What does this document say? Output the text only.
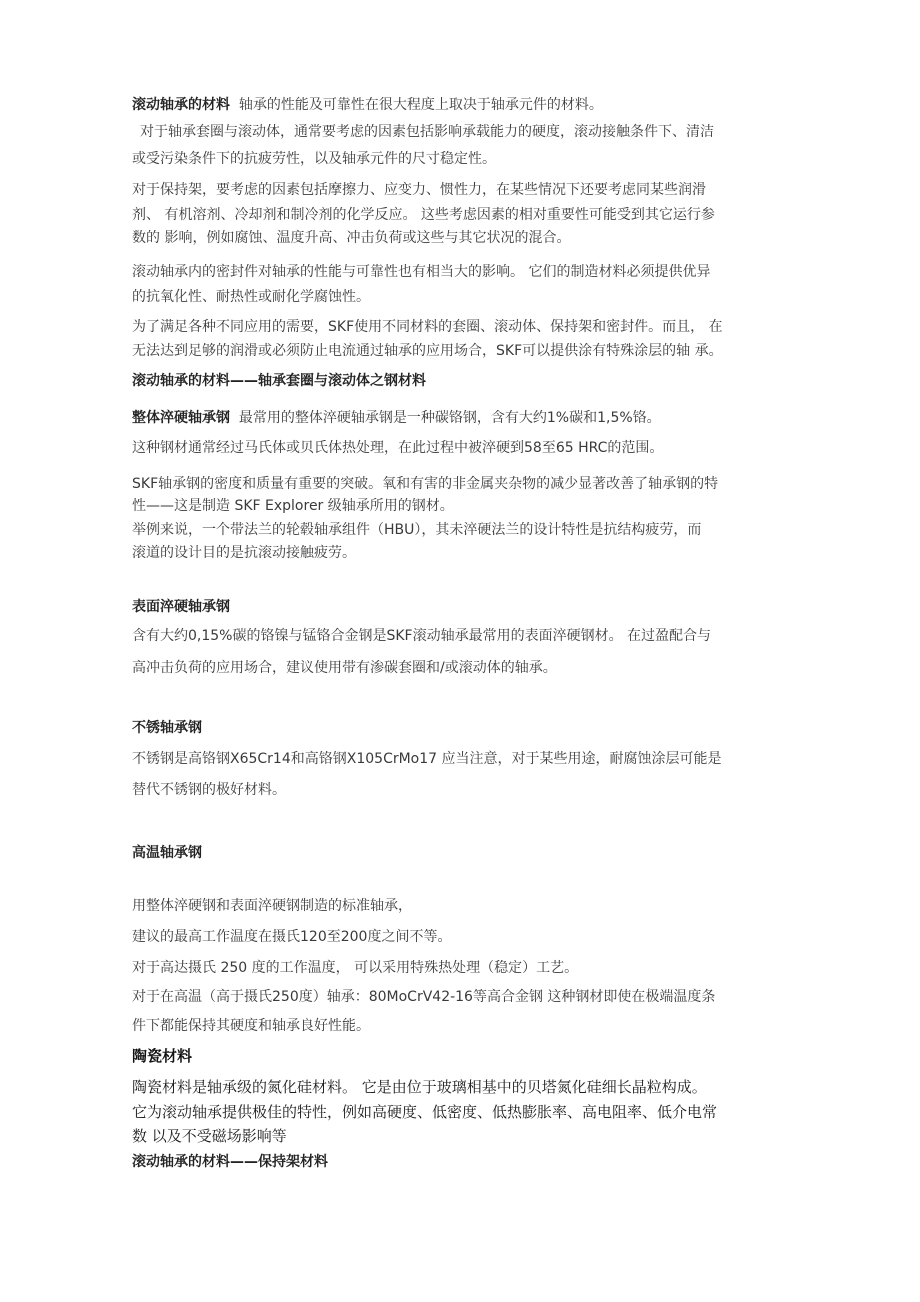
滚动轴承的材料 轴承的性能及可靠性在很大程度上取决于轴承元件的材料。
对于轴承套圈与滚动体，通常要考虑的因素包括影响承载能力的硬度，滚动接触条件下、清洁
或受污染条件下的抗疲劳性，以及轴承元件的尺寸稳定性。
对于保持架，要考虑的因素包括摩擦力、应变力、惯性力，在某些情况下还要考虑同某些润滑
剂、 有机溶剂、冷却剂和制冷剂的化学反应。 这些考虑因素的相对重要性可能受到其它运行参
数的 影响，例如腐蚀、温度升高、冲击负荷或这些与其它状况的混合。
滚动轴承内的密封件对轴承的性能与可靠性也有相当大的影响。 它们的制造材料必须提供优异
的抗氧化性、耐热性或耐化学腐蚀性。
为了满足各种不同应用的需要，SKF使用不同材料的套圈、滚动体、保持架和密封件。而且， 在
无法达到足够的润滑或必须防止电流通过轴承的应用场合，SKF可以提供涂有特殊涂层的轴 承。
滚动轴承的材料——轴承套圈与滚动体之钢材料
整体淬硬轴承钢 最常用的整体淬硬轴承钢是一种碳铬钢，含有大约1%碳和1,5%铬。
这种钢材通常经过马氏体或贝氏体热处理，在此过程中被淬硬到58至65 HRC的范围。
SKF轴承钢的密度和质量有重要的突破。氧和有害的非金属夹杂物的减少显著改善了轴承钢的特
性——这是制造 SKF Explorer 级轴承所用的钢材。
举例来说，一个带法兰的轮毂轴承组件（HBU），其未淬硬法兰的设计特性是抗结构疲劳，而
滚道的设计目的是抗滚动接触疲劳。
表面淬硬轴承钢
含有大约0,15%碳的铬镍与锰铬合金钢是SKF滚动轴承最常用的表面淬硬钢材。 在过盈配合与
高冲击负荷的应用场合，建议使用带有渗碳套圈和/或滚动体的轴承。
不锈轴承钢
不锈钢是高铬钢X65Cr14和高铬钢X105CrMo17 应当注意，对于某些用途，耐腐蚀涂层可能是
替代不锈钢的极好材料。
高温轴承钢
用整体淬硬钢和表面淬硬钢制造的标准轴承，
建议的最高工作温度在摄氏120至200度之间不等。
对于高达摄氏 250 度的工作温度， 可以采用特殊热处理（稳定）工艺。
对于在高温（高于摄氏250度）轴承：80MoCrV42-16等高合金钢 这种钢材即使在极端温度条
件下都能保持其硬度和轴承良好性能。
陶瓷材料
陶瓷材料是轴承级的氮化硅材料。 它是由位于玻璃相基中的贝塔氮化硅细长晶粒构成。
它为滚动轴承提供极佳的特性，例如高硬度、低密度、低热膨胀率、高电阻率、低介电常
数 以及不受磁场影响等
滚动轴承的材料——保持架材料
